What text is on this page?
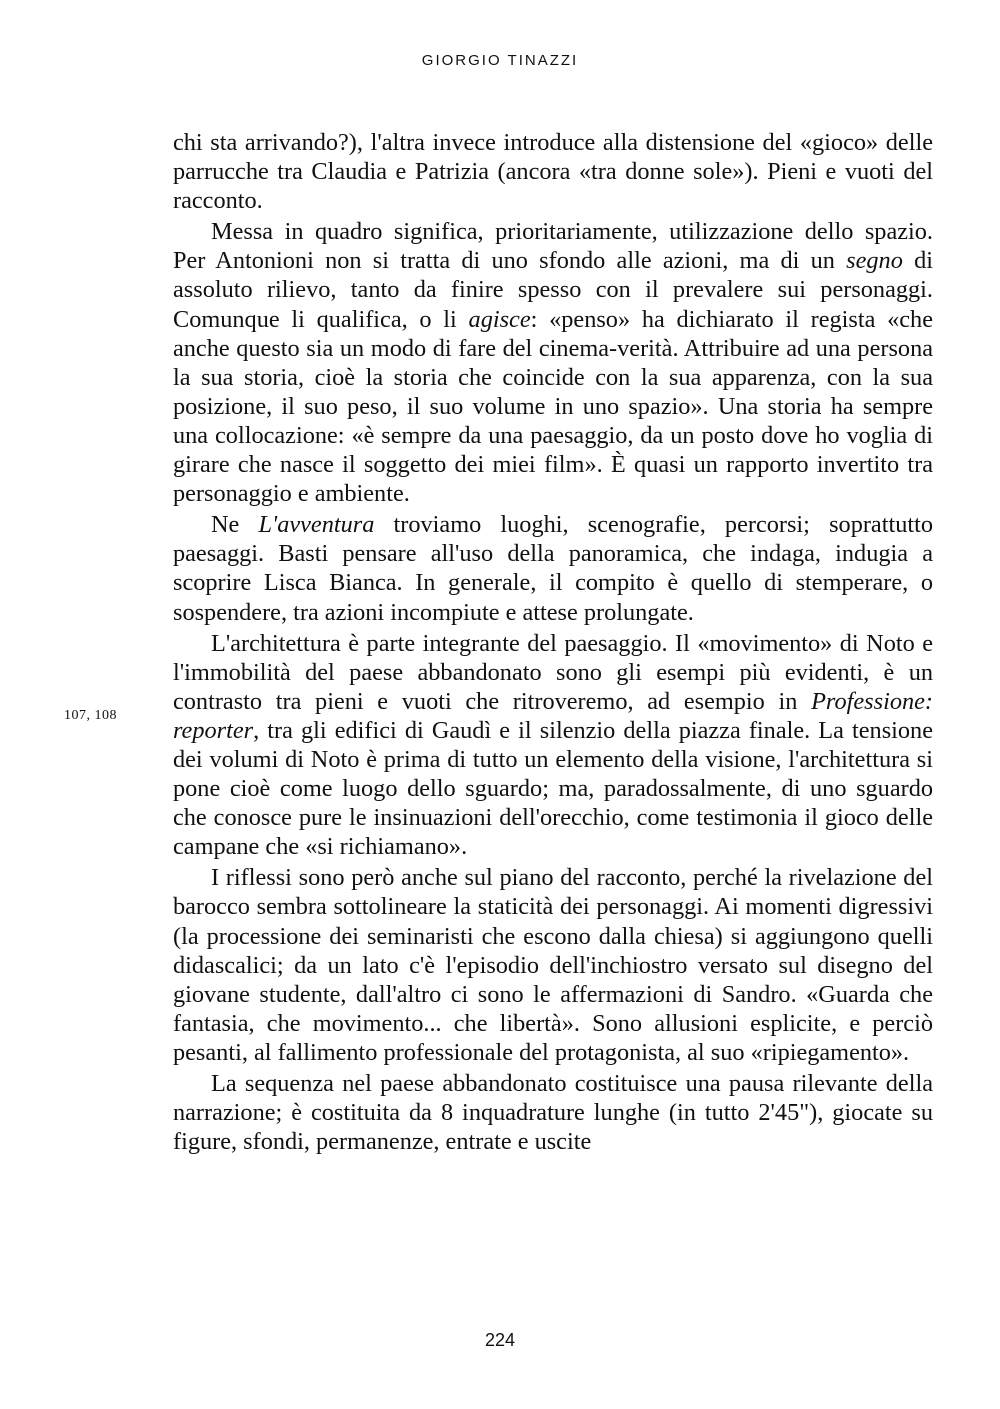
GIORGIO TINAZZI
107, 108

chi sta arrivando?), l'altra invece introduce alla distensione del «gioco» delle parrucche tra Claudia e Patrizia (ancora «tra donne sole»). Pieni e vuoti del racconto.

Messa in quadro significa, prioritariamente, utilizzazione dello spazio. Per Antonioni non si tratta di uno sfondo alle azioni, ma di un segno di assoluto rilievo, tanto da finire spesso con il prevalere sui personaggi. Comunque li qualifica, o li agisce: «penso» ha dichiarato il regista «che anche questo sia un modo di fare del cinema-verità. Attribuire ad una persona la sua storia, cioè la storia che coincide con la sua apparenza, con la sua posizione, il suo peso, il suo volume in uno spazio». Una storia ha sempre una collocazione: «è sempre da una paesaggio, da un posto dove ho voglia di girare che nasce il soggetto dei miei film». È quasi un rapporto invertito tra personaggio e ambiente.

Ne L'avventura troviamo luoghi, scenografie, percorsi; soprattutto paesaggi. Basti pensare all'uso della panoramica, che indaga, indugia a scoprire Lisca Bianca. In generale, il compito è quello di stemperare, o sospendere, tra azioni incompiute e attese prolungate.

L'architettura è parte integrante del paesaggio. Il «movimento» di Noto e l'immobilità del paese abbandonato sono gli esempi più evidenti, è un contrasto tra pieni e vuoti che ritroveremo, ad esempio in Professione: reporter, tra gli edifici di Gaudì e il silenzio della piazza finale. La tensione dei volumi di Noto è prima di tutto un elemento della visione, l'architettura si pone cioè come luogo dello sguardo; ma, paradossalmente, di uno sguardo che conosce pure le insinuazioni dell'orecchio, come testimonia il gioco delle campane che «si richiamano».

I riflessi sono però anche sul piano del racconto, perché la rivelazione del barocco sembra sottolineare la staticità dei personaggi. Ai momenti digressivi (la processione dei seminaristi che escono dalla chiesa) si aggiungono quelli didascalici; da un lato c'è l'episodio dell'inchiostro versato sul disegno del giovane studente, dall'altro ci sono le affermazioni di Sandro. «Guarda che fantasia, che movimento... che libertà». Sono allusioni esplicite, e perciò pesanti, al fallimento professionale del protagonista, al suo «ripiegamento».

La sequenza nel paese abbandonato costituisce una pausa rilevante della narrazione; è costituita da 8 inquadrature lunghe (in tutto 2'45"), giocate su figure, sfondi, permanenze, entrate e uscite

224
